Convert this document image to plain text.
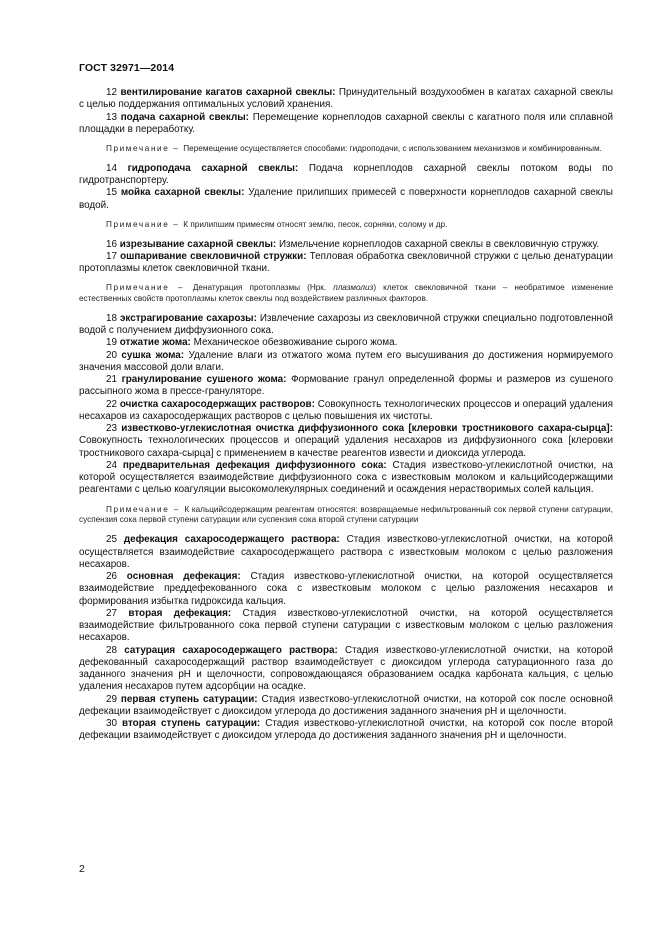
ГОСТ 32971—2014

12 вентилирование кагатов сахарной свеклы: Принудительный воздухообмен в кагатах сахарной свеклы с целью поддержания оптимальных условий хранения.

13 подача сахарной свеклы: Перемещение корнеплодов сахарной свеклы с кагатного поля или сплавной площадки в переработку.

Примечание – Перемещение осуществляется способами: гидроподачи, с использованием механизмов и комбинированным.

14 гидроподача сахарной свеклы: Подача корнеплодов сахарной свеклы потоком воды по гидротранспортеру.

15 мойка сахарной свеклы: Удаление прилипших примесей с поверхности корнеплодов сахарной свеклы водой.

Примечание – К прилипшим примесям относят землю, песок, сорняки, солому и др.

16 изрезывание сахарной свеклы: Измельчение корнеплодов сахарной свеклы в свекловичную стружку.

17 ошпаривание свекловичной стружки: Тепловая обработка свекловичной стружки с целью денатурации протоплазмы клеток свекловичной ткани.

Примечание – Денатурация протоплазмы (Нрк. плазмолиз) клеток свекловичной ткани – необратимое изменение естественных свойств протоплазмы клеток свеклы под воздействием различных факторов.

18 экстрагирование сахарозы: Извлечение сахарозы из свекловичной стружки специально подготовленной водой с получением диффузионного сока.

19 отжатие жома: Механическое обезвоживание сырого жома.

20 сушка жома: Удаление влаги из отжатого жома путем его высушивания до достижения нормируемого значения массовой доли влаги.

21 гранулирование сушеного жома: Формование гранул определенной формы и размеров из сушеного рассыпного жома в прессе-грануляторе.

22 очистка сахаросодержащих растворов: Совокупность технологических процессов и операций удаления несахаров из сахаросодержащих растворов с целью повышения их чистоты.

23 известково-углекислотная очистка диффузионного сока [клеровки тростникового сахара-сырца]: Совокупность технологических процессов и операций удаления несахаров из диффузионного сока [клеровки тростникового сахара-сырца] с применением в качестве реагентов извести и диоксида углерода.

24 предварительная дефекация диффузионного сока: Стадия известково-углекислотной очистки, на которой осуществляется взаимодействие диффузионного сока с известковым молоком и кальцийсодержащими реагентами с целью коагуляции высокомолекулярных соединений и осаждения нерастворимых солей кальция.

Примечание – К кальцийсодержащим реагентам относятся: возвращаемые нефильтрованный сок первой ступени сатурации, суспензия сока первой ступени сатурации или суспензия сока второй ступени сатурации

25 дефекация сахаросодержащего раствора: Стадия известково-углекислотной очистки, на которой осуществляется взаимодействие сахаросодержащего раствора с известковым молоком с целью разложения несахаров.

26 основная дефекация: Стадия известково-углекислотной очистки, на которой осуществляется взаимодействие преддефекованного сока с известковым молоком с целью разложения несахаров и формирования избытка гидроксида кальция.

27 вторая дефекация: Стадия известково-углекислотной очистки, на которой осуществляется взаимодействие фильтрованного сока первой ступени сатурации с известковым молоком с целью разложения несахаров.

28 сатурация сахаросодержащего раствора: Стадия известково-углекислотной очистки, на которой дефекованный сахаросодержащий раствор взаимодействует с диоксидом углерода сатурационного газа до заданного значения pH и щелочности, сопровождающаяся образованием осадка карбоната кальция, с целью удаления несахаров путем адсорбции на осадке.

29 первая ступень сатурации: Стадия известково-углекислотной очистки, на которой сок после основной дефекации взаимодействует с диоксидом углерода до достижения заданного значения pH и щелочности.

30 вторая ступень сатурации: Стадия известково-углекислотной очистки, на которой сок после второй дефекации взаимодействует с диоксидом углерода до достижения заданного значения pH и щелочности.

2
